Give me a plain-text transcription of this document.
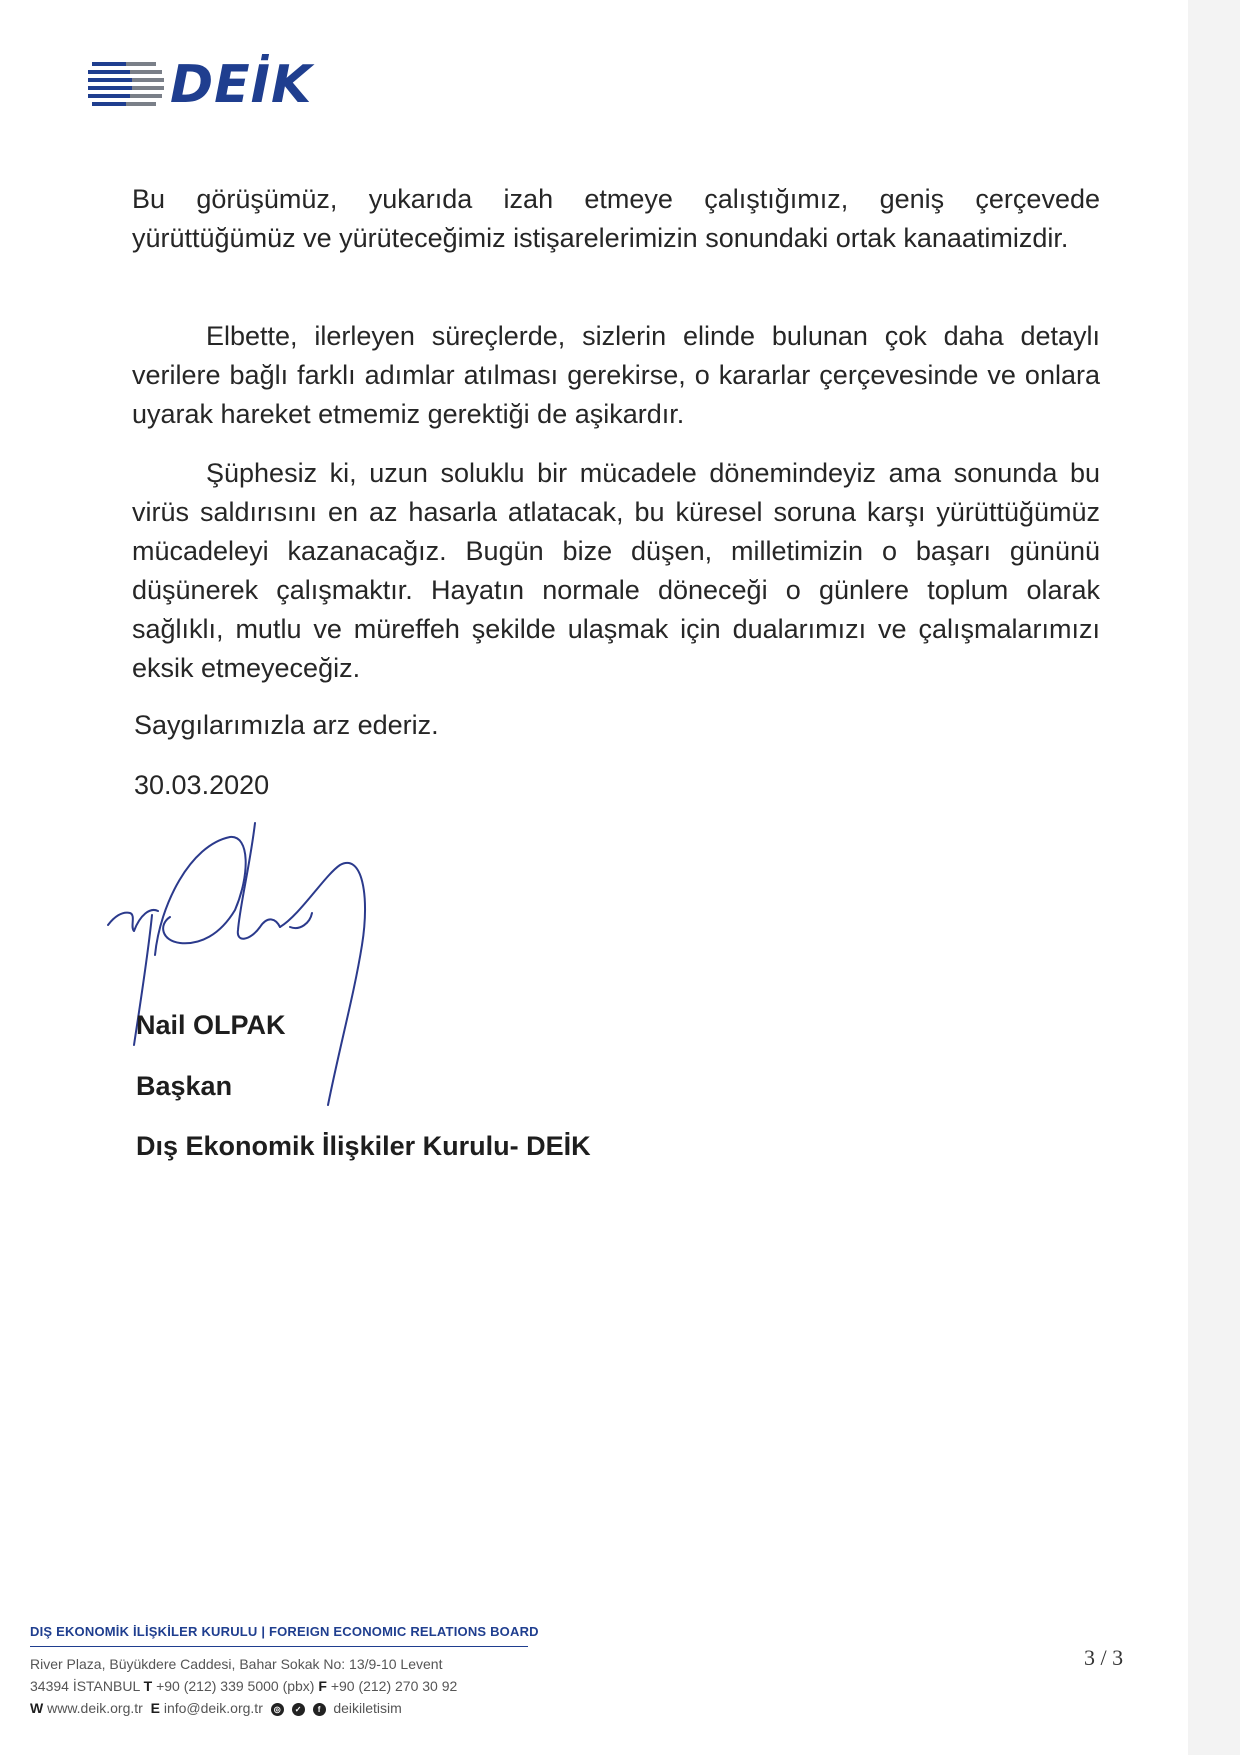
DEİK

Bu görüşümüz, yukarıda izah etmeye çalıştığımız, geniş çerçevede yürüttüğümüz ve yürüteceğimiz istişarelerimizin sonundaki ortak kanaatimizdir.

Elbette, ilerleyen süreçlerde, sizlerin elinde bulunan çok daha detaylı verilere bağlı farklı adımlar atılması gerekirse, o kararlar çerçevesinde ve onlara uyarak hareket etmemiz gerektiği de aşikardır.

Şüphesiz ki, uzun soluklu bir mücadele dönemindeyiz ama sonunda bu virüs saldırısını en az hasarla atlatacak, bu küresel soruna karşı yürüttüğümüz mücadeleyi kazanacağız. Bugün bize düşen, milletimizin o başarı gününü düşünerek çalışmaktır. Hayatın normale döneceği o günlere toplum olarak sağlıklı, mutlu ve müreffeh şekilde ulaşmak için dualarımızı ve çalışmalarımızı eksik etmeyeceğiz.

Saygılarımızla arz ederiz.
30.03.2020
Nail OLPAK
Başkan
Dış Ekonomik İlişkiler Kurulu- DEİK
DIŞ EKONOMİK İLİŞKİLER KURULU | FOREIGN ECONOMIC RELATIONS BOARD
River Plaza, Büyükdere Caddesi, Bahar Sokak No: 13/9-10 Levent
34394 İSTANBUL T +90 (212) 339 5000 (pbx) F +90 (212) 270 30 92
W www.deik.org.tr E info@deik.org.tr ◎ ✓ f deikiletisim
3 / 3
